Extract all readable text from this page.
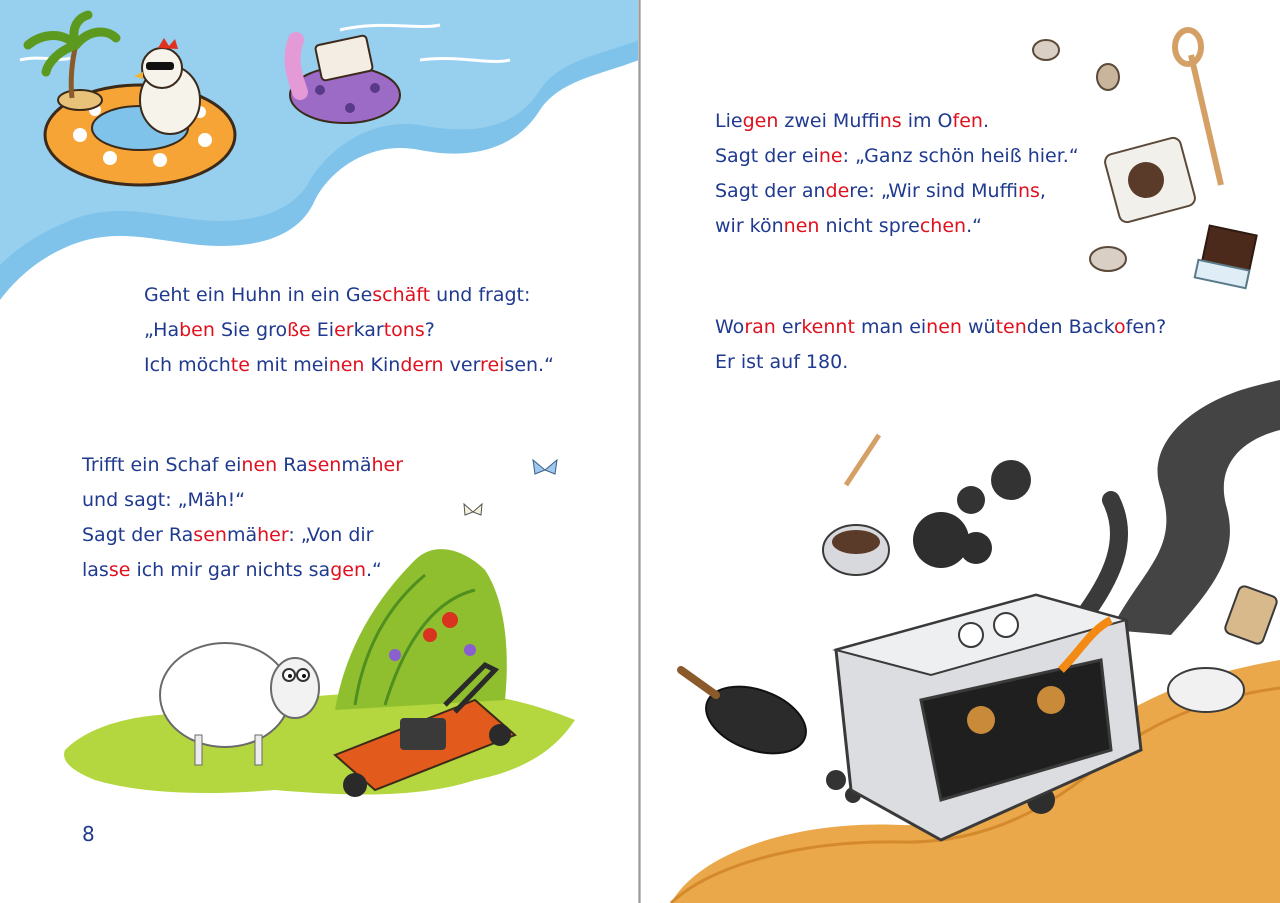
Geht ein Huhn in ein Geschäft und fragt:
„Haben Sie große Eierkartons?
Ich möchte mit meinen Kindern verreisen.“
Trifft ein Schaf einen Rasenmäher
und sagt: „Mäh!“
Sagt der Rasenmäher: „Von dir
lasse ich mir gar nichts sagen.“
8
Liegen zwei Muffins im Ofen.
Sagt der eine: „Ganz schön heiß hier.“
Sagt der andere: „Wir sind Muffins,
wir können nicht sprechen.“
Woran erkennt man einen wütenden Backofen?
Er ist auf 180.
